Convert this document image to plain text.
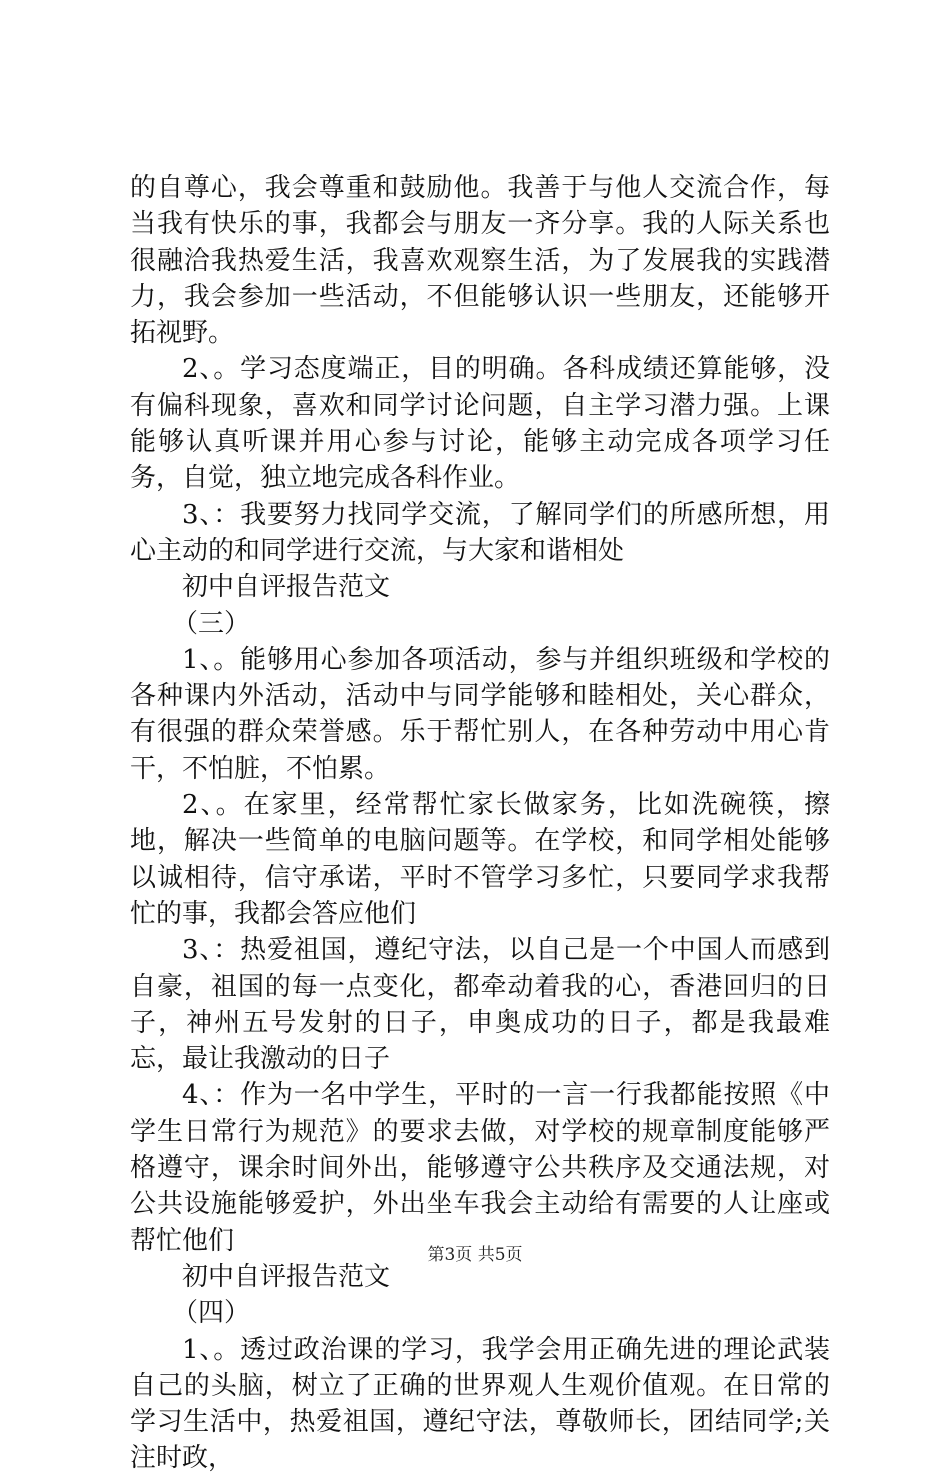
的自尊心，我会尊重和鼓励他。我善于与他人交流合作，每当我有快乐的事，我都会与朋友一齐分享。我的人际关系也很融洽我热爱生活，我喜欢观察生活，为了发展我的实践潜力，我会参加一些活动，不但能够认识一些朋友，还能够开拓视野。

2、。学习态度端正，目的明确。各科成绩还算能够，没有偏科现象，喜欢和同学讨论问题，自主学习潜力强。上课能够认真听课并用心参与讨论，能够主动完成各项学习任务，自觉，独立地完成各科作业。

3、：我要努力找同学交流，了解同学们的所感所想，用心主动的和同学进行交流，与大家和谐相处

初中自评报告范文

（三）

1、。能够用心参加各项活动，参与并组织班级和学校的各种课内外活动，活动中与同学能够和睦相处，关心群众，有很强的群众荣誉感。乐于帮忙别人，在各种劳动中用心肯干，不怕脏，不怕累。

2、。在家里，经常帮忙家长做家务，比如洗碗筷，擦地，解决一些简单的电脑问题等。在学校，和同学相处能够以诚相待，信守承诺，平时不管学习多忙，只要同学求我帮忙的事，我都会答应他们

3、：热爱祖国，遵纪守法，以自己是一个中国人而感到自豪，祖国的每一点变化，都牵动着我的心，香港回归的日子，神州五号发射的日子，申奥成功的日子，都是我最难忘，最让我激动的日子

4、：作为一名中学生，平时的一言一行我都能按照《中学生日常行为规范》的要求去做，对学校的规章制度能够严格遵守，课余时间外出，能够遵守公共秩序及交通法规，对公共设施能够爱护，外出坐车我会主动给有需要的人让座或帮忙他们

初中自评报告范文

（四）

1、。透过政治课的学习，我学会用正确先进的理论武装自己的头脑，树立了正确的世界观人生观价值观。在日常的学习生活中，热爱祖国，遵纪守法，尊敬师长，团结同学;关注时政，

第3页 共5页
